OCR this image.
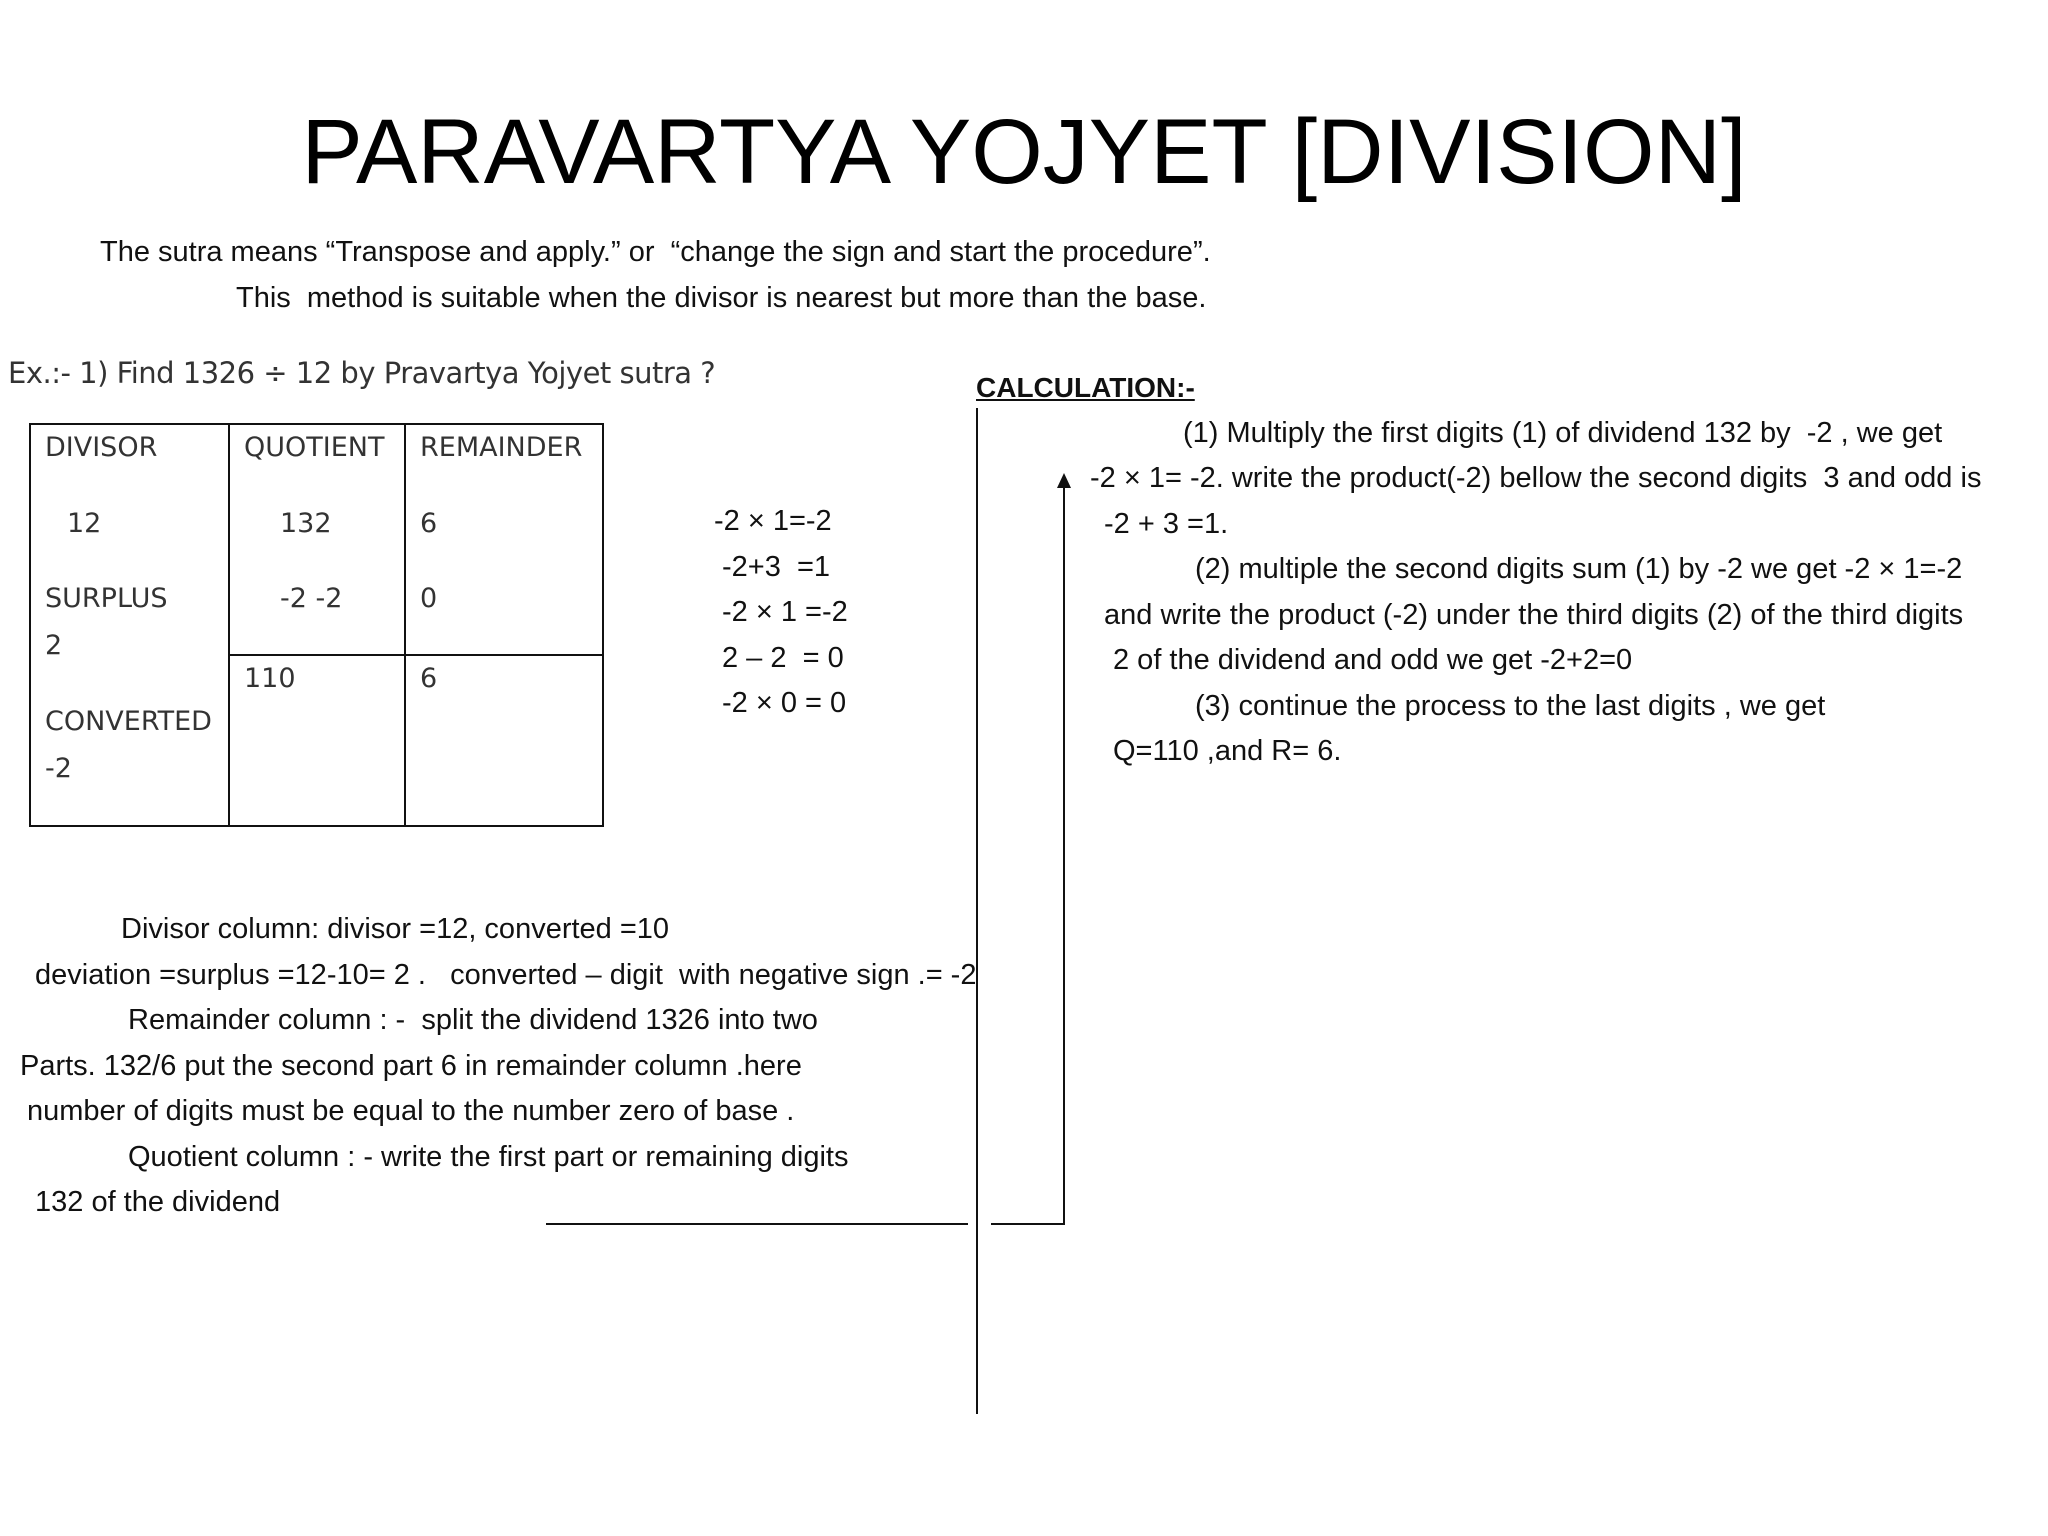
PARAVARTYA YOJYET [DIVISION]
The sutra means “Transpose and apply.” or  “change the sign and start the procedure”.
This  method is suitable when the divisor is nearest but more than the base.
Ex.:- 1) Find 1326 ÷ 12 by Pravartya Yojyet sutra ?
DIVISOR	QUOTIENT REMAINDER
12
SURPLUS
2
CONVERTED
-2
132
-2 -2
110
6
0
6
-2 × 1=-2
-2+3  =1
-2 × 1 =-2
2 – 2  = 0
-2 × 0 = 0
Divisor column: divisor =12, converted =10
deviation =surplus =12-10= 2 .   converted – digit  with negative sign .= -2
Remainder column : -  split the dividend 1326 into two
Parts. 132/6 put the second part 6 in remainder column .here
number of digits must be equal to the number zero of base .
Quotient column : - write the first part or remaining digits
132 of the dividend
CALCULATION:-
(1) Multiply the first digits (1) of dividend 132 by  -2 , we get
-2 × 1= -2. write the product(-2) bellow the second digits  3 and odd is
-2 + 3 =1.
(2) multiple the second digits sum (1) by -2 we get -2 × 1=-2
and write the product (-2) under the third digits (2) of the third digits
2 of the dividend and odd we get -2+2=0
(3) continue the process to the last digits , we get
Q=110 ,and R= 6.
